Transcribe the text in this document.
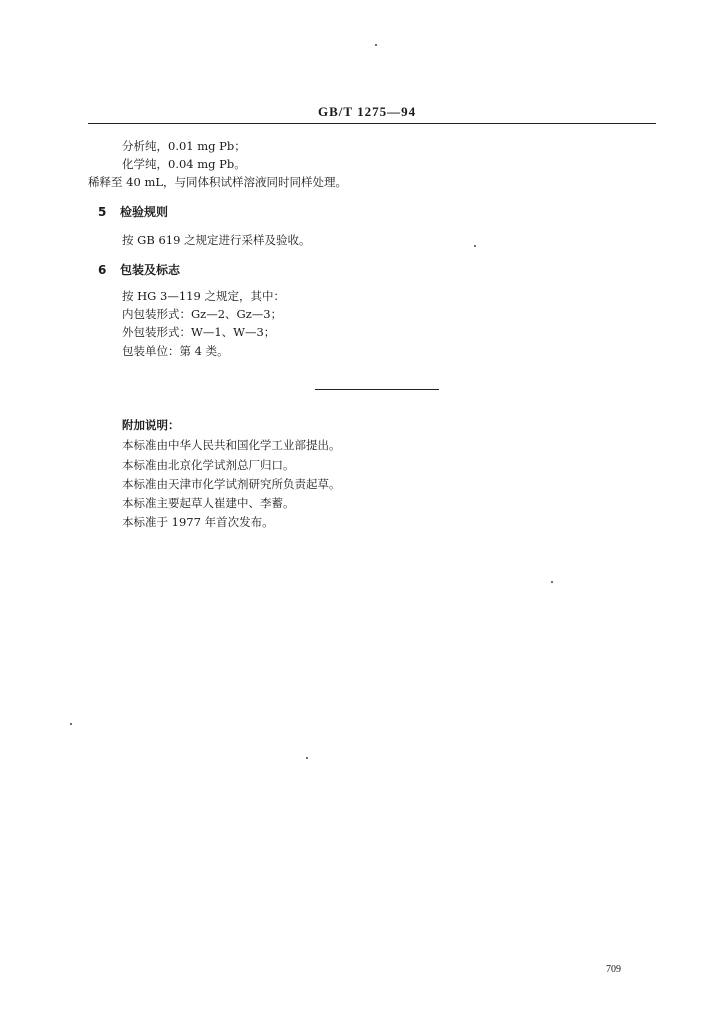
GB/T 1275—94
分析纯，0.01 mg Pb；
化学纯，0.04 mg Pb。
稀释至 40 mL，与同体积试样溶液同时同样处理。
5 检验规则
按 GB 619 之规定进行采样及验收。
6 包装及标志
按 HG 3—119 之规定，其中：
内包装形式：Gz—2、Gz—3；
外包装形式：W—1、W—3；
包装单位：第 4 类。
附加说明：
本标准由中华人民共和国化学工业部提出。
本标准由北京化学试剂总厂归口。
本标准由天津市化学试剂研究所负责起草。
本标准主要起草人崔建中、李蓄。
本标准于 1977 年首次发布。
709
